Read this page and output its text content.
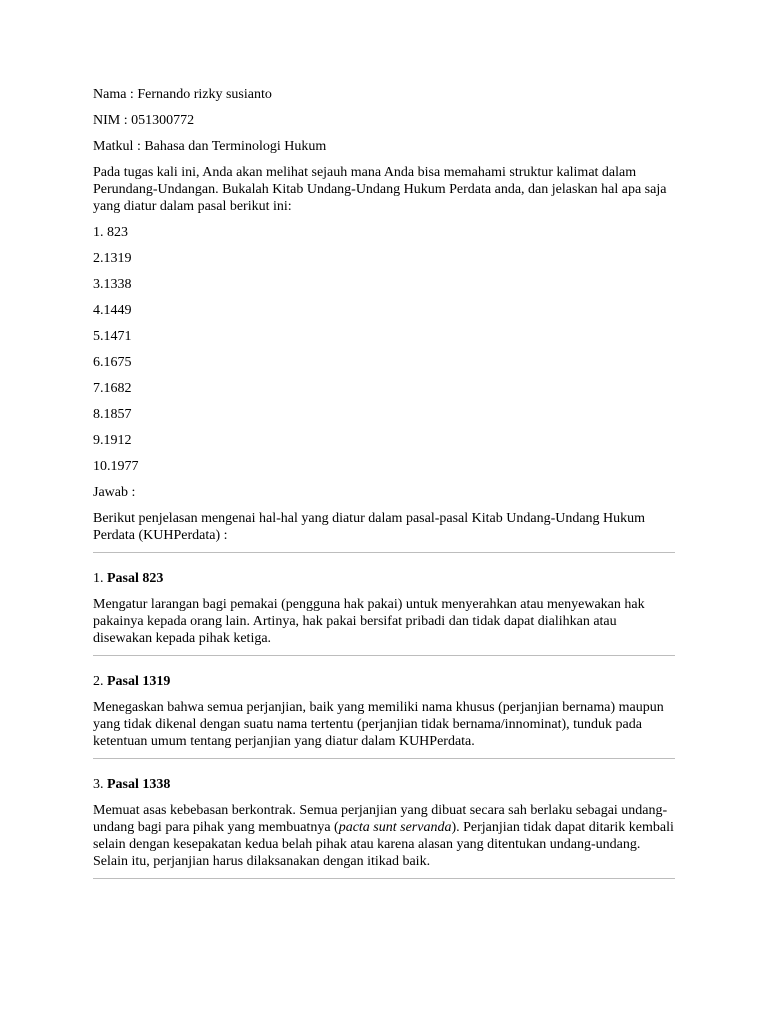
Nama : Fernando rizky susianto

NIM : 051300772

Matkul : Bahasa dan Terminologi Hukum

Pada tugas kali ini, Anda akan melihat sejauh mana Anda bisa memahami struktur kalimat dalam Perundang-Undangan. Bukalah Kitab Undang-Undang Hukum Perdata anda, dan jelaskan hal apa saja yang diatur dalam pasal berikut ini:

1. 823

2.1319

3.1338

4.1449

5.1471

6.1675

7.1682

8.1857

9.1912

10.1977

Jawab :

Berikut penjelasan mengenai hal-hal yang diatur dalam pasal-pasal Kitab Undang-Undang Hukum Perdata (KUHPerdata) :

1. Pasal 823

Mengatur larangan bagi pemakai (pengguna hak pakai) untuk menyerahkan atau menyewakan hak pakainya kepada orang lain. Artinya, hak pakai bersifat pribadi dan tidak dapat dialihkan atau disewakan kepada pihak ketiga.

2. Pasal 1319

Menegaskan bahwa semua perjanjian, baik yang memiliki nama khusus (perjanjian bernama) maupun yang tidak dikenal dengan suatu nama tertentu (perjanjian tidak bernama/innominat), tunduk pada ketentuan umum tentang perjanjian yang diatur dalam KUHPerdata.

3. Pasal 1338

Memuat asas kebebasan berkontrak. Semua perjanjian yang dibuat secara sah berlaku sebagai undang-undang bagi para pihak yang membuatnya (pacta sunt servanda). Perjanjian tidak dapat ditarik kembali selain dengan kesepakatan kedua belah pihak atau karena alasan yang ditentukan undang-undang. Selain itu, perjanjian harus dilaksanakan dengan itikad baik.
